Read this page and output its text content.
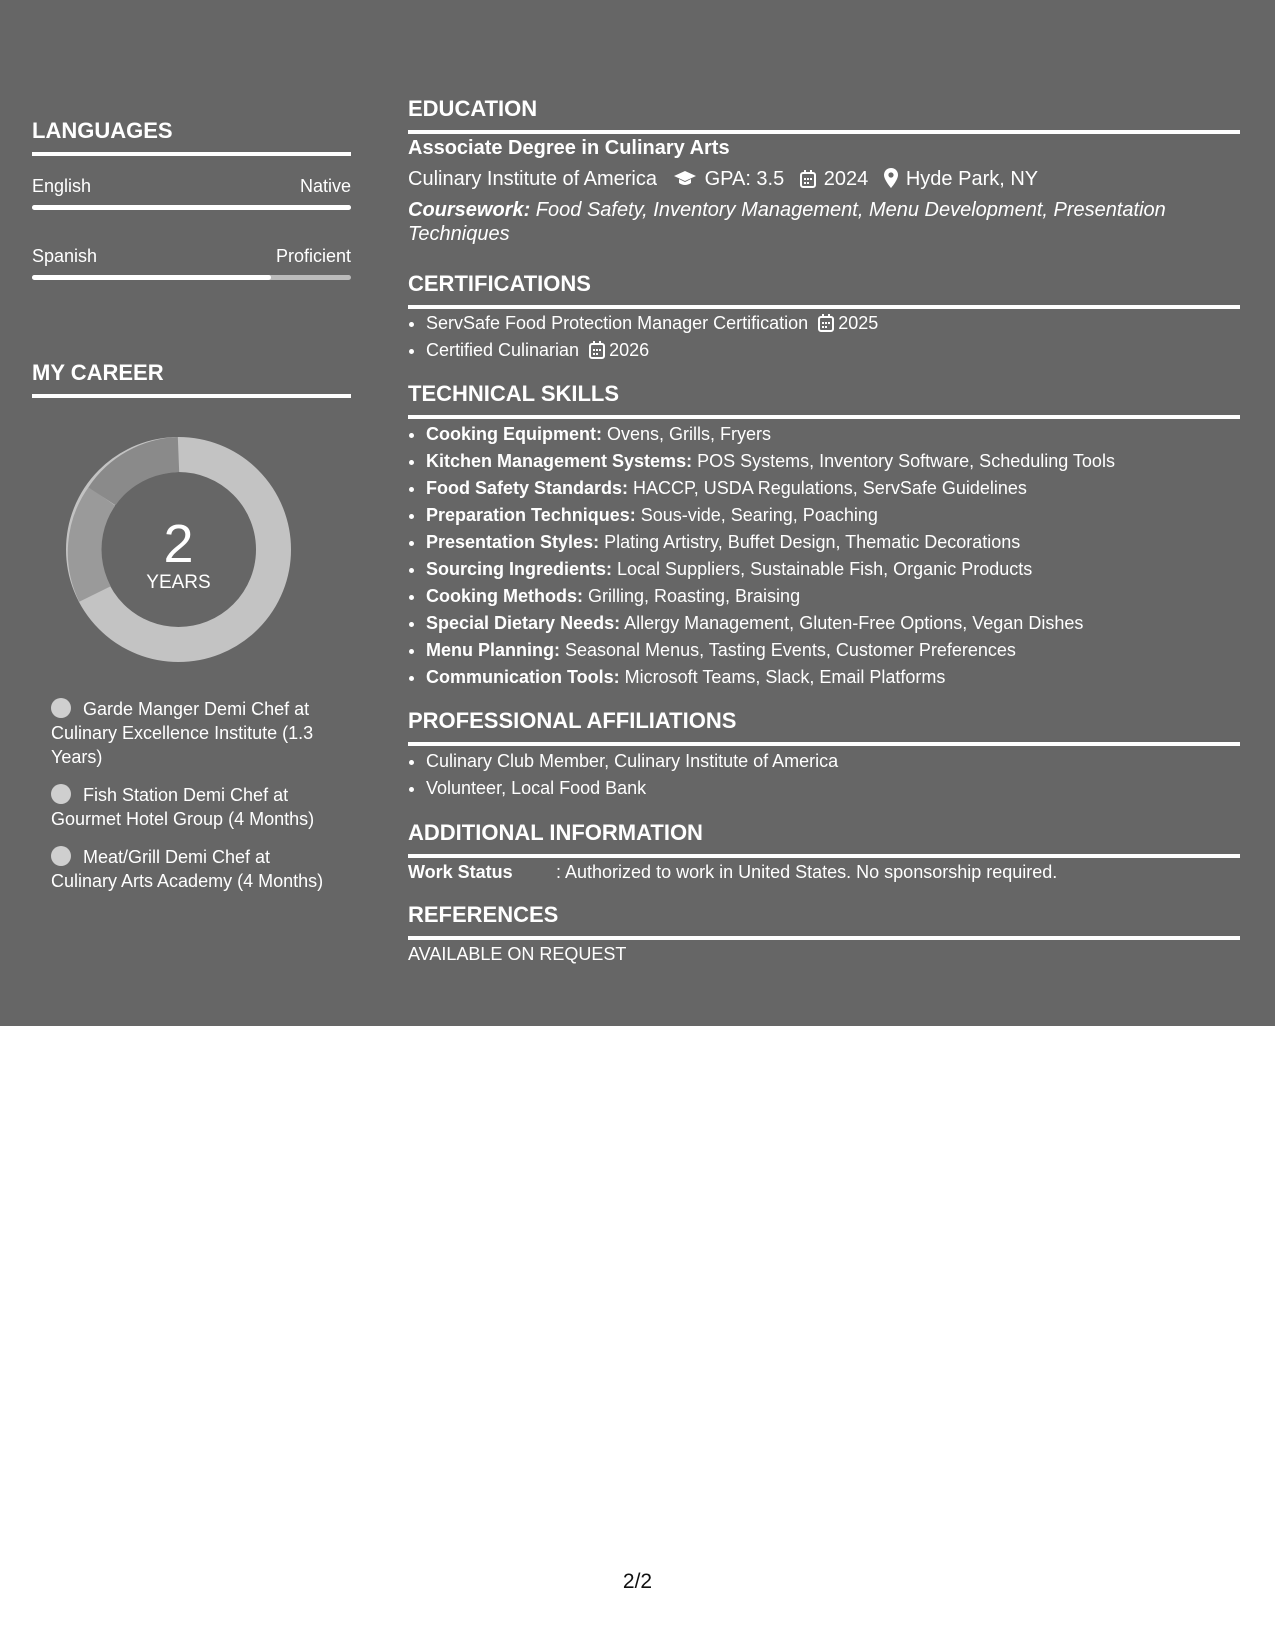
LANGUAGES
English	Native
Spanish	Proficient
MY CAREER
2
YEARS
Garde Manger Demi Chef at Culinary Excellence Institute (1.3 Years)
Fish Station Demi Chef at Gourmet Hotel Group (4 Months)
Meat/Grill Demi Chef at Culinary Arts Academy (4 Months)
EDUCATION
Associate Degree in Culinary Arts
Culinary Institute of America GPA: 3.5 2024 Hyde Park, NY
Coursework: Food Safety, Inventory Management, Menu Development, Presentation Techniques
CERTIFICATIONS
• ServSafe Food Protection Manager Certification 2025
• Certified Culinarian 2026
TECHNICAL SKILLS
• Cooking Equipment: Ovens, Grills, Fryers
• Kitchen Management Systems: POS Systems, Inventory Software, Scheduling Tools
• Food Safety Standards: HACCP, USDA Regulations, ServSafe Guidelines
• Preparation Techniques: Sous-vide, Searing, Poaching
• Presentation Styles: Plating Artistry, Buffet Design, Thematic Decorations
• Sourcing Ingredients: Local Suppliers, Sustainable Fish, Organic Products
• Cooking Methods: Grilling, Roasting, Braising
• Special Dietary Needs: Allergy Management, Gluten-Free Options, Vegan Dishes
• Menu Planning: Seasonal Menus, Tasting Events, Customer Preferences
• Communication Tools: Microsoft Teams, Slack, Email Platforms
PROFESSIONAL AFFILIATIONS
• Culinary Club Member, Culinary Institute of America
• Volunteer, Local Food Bank
ADDITIONAL INFORMATION
Work Status : Authorized to work in United States. No sponsorship required.
REFERENCES
AVAILABLE ON REQUEST
2/2
